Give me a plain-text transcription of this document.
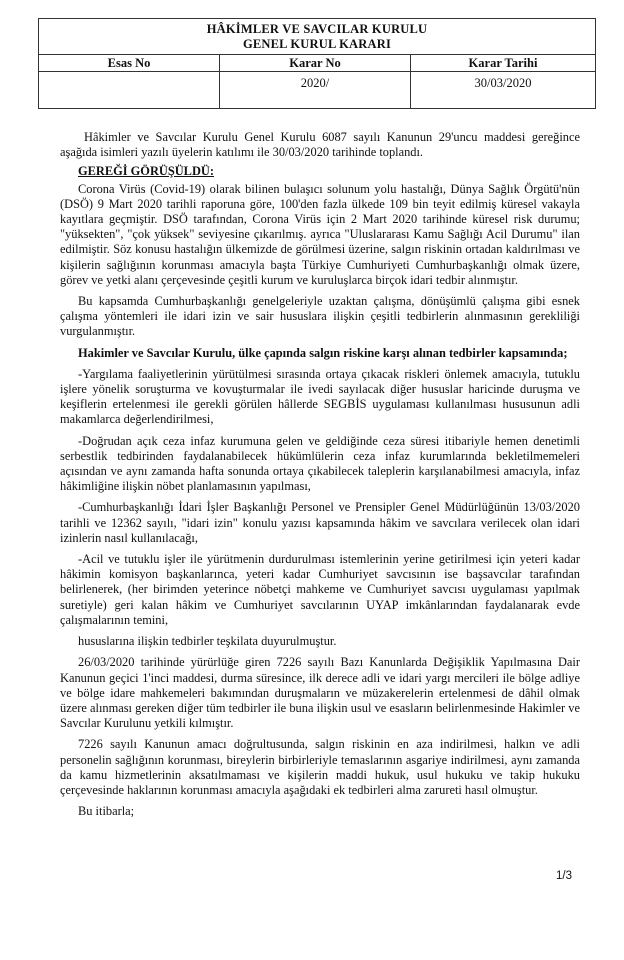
HÂKİMLER VE SAVCILAR KURULU
GENEL KURUL KARARI		

Esas No	Karar No	Karar Tarihi
	2020/	30/03/2020

Hâkimler ve Savcılar Kurulu Genel Kurulu 6087 sayılı Kanunun 29'uncu maddesi gereğince aşağıda isimleri yazılı üyelerin katılımı ile 30/03/2020 tarihinde toplandı.

GEREĞİ GÖRÜŞÜLDÜ:

Corona Virüs (Covid-19) olarak bilinen bulaşıcı solunum yolu hastalığı, Dünya Sağlık Örgütü'nün (DSÖ) 9 Mart 2020 tarihli raporuna göre, 100'den fazla ülkede 109 bin teyit edilmiş küresel vakayla kayıtlara geçmiştir. DSÖ tarafından, Corona Virüs için 2 Mart 2020 tarihinde küresel risk durumu; "yüksekten", "çok yüksek" seviyesine çıkarılmış. ayrıca "Uluslararası Kamu Sağlığı Acil Durumu" ilan edilmiştir. Söz konusu hastalığın ülkemizde de görülmesi üzerine, salgın riskinin ortadan kaldırılması ve kişilerin sağlığının korunması amacıyla başta Türkiye Cumhuriyeti Cumhurbaşkanlığı olmak üzere, görev ve yetki alanı çerçevesinde çeşitli kurum ve kuruluşlarca birçok idari tedbir alınmıştır.

Bu kapsamda Cumhurbaşkanlığı genelgeleriyle uzaktan çalışma, dönüşümlü çalışma gibi esnek çalışma yöntemleri ile idari izin ve sair hususlara ilişkin çeşitli tedbirlerin alınmasının gerekliliği vurgulanmıştır.

Hakimler ve Savcılar Kurulu, ülke çapında salgın riskine karşı alınan tedbirler kapsamında;

-Yargılama faaliyetlerinin yürütülmesi sırasında ortaya çıkacak riskleri önlemek amacıyla, tutuklu işlere yönelik soruşturma ve kovuşturmalar ile ivedi sayılacak diğer hususlar haricinde duruşma ve keşiflerin ertelenmesi ile gerekli görülen hâllerde SEGBİS uygulaması kullanılması hususunun adli makamlarca değerlendirilmesi,

-Doğrudan açık ceza infaz kurumuna gelen ve geldiğinde ceza süresi itibariyle hemen denetimli serbestlik tedbirinden faydalanabilecek hükümlülerin ceza infaz kurumlarında bekletilmemeleri açısından ve aynı zamanda hafta sonunda ortaya çıkabilecek taleplerin karşılanabilmesi amacıyla, infaz hâkimliğine ilişkin nöbet planlamasının yapılması,

-Cumhurbaşkanlığı İdari İşler Başkanlığı Personel ve Prensipler Genel Müdürlüğünün 13/03/2020 tarihli ve 12362 sayılı, "idari izin" konulu yazısı kapsamında hâkim ve savcılara verilecek olan idari izinlerin nasıl kullanılacağı,

-Acil ve tutuklu işler ile yürütmenin durdurulması istemlerinin yerine getirilmesi için yeteri kadar hâkimin komisyon başkanlarınca, yeteri kadar Cumhuriyet savcısının ise başsavcılar tarafından belirlenerek, (her birimden yeterince nöbetçi mahkeme ve Cumhuriyet savcısı uygulaması yapılmak suretiyle) geri kalan hâkim ve Cumhuriyet savcılarının UYAP imkânlarından faydalanarak evde çalışmalarının temini,

hususlarına ilişkin tedbirler teşkilata duyurulmuştur.

26/03/2020 tarihinde yürürlüğe giren 7226 sayılı Bazı Kanunlarda Değişiklik Yapılmasına Dair Kanunun geçici 1'inci maddesi, durma süresince, ilk derece adli ve idari yargı mercileri ile bölge adliye ve bölge idare mahkemeleri bakımından duruşmaların ve müzakerelerin ertelenmesi de dâhil olmak üzere alınması gereken diğer tüm tedbirler ile buna ilişkin usul ve esasların belirlenmesinde Hakimler ve Savcılar Kurulunu yetkili kılmıştır.

7226 sayılı Kanunun amacı doğrultusunda, salgın riskinin en aza indirilmesi, halkın ve adli personelin sağlığının korunması, bireylerin birbirleriyle temaslarının asgariye indirilmesi, aynı zamanda da kamu hizmetlerinin aksatılmaması ve kişilerin maddi hukuk, usul hukuku ve takip hukuku çerçevesinde haklarının korunması amacıyla aşağıdaki ek tedbirleri alma zarureti hasıl olmuştur.

Bu itibarla;

1/3
